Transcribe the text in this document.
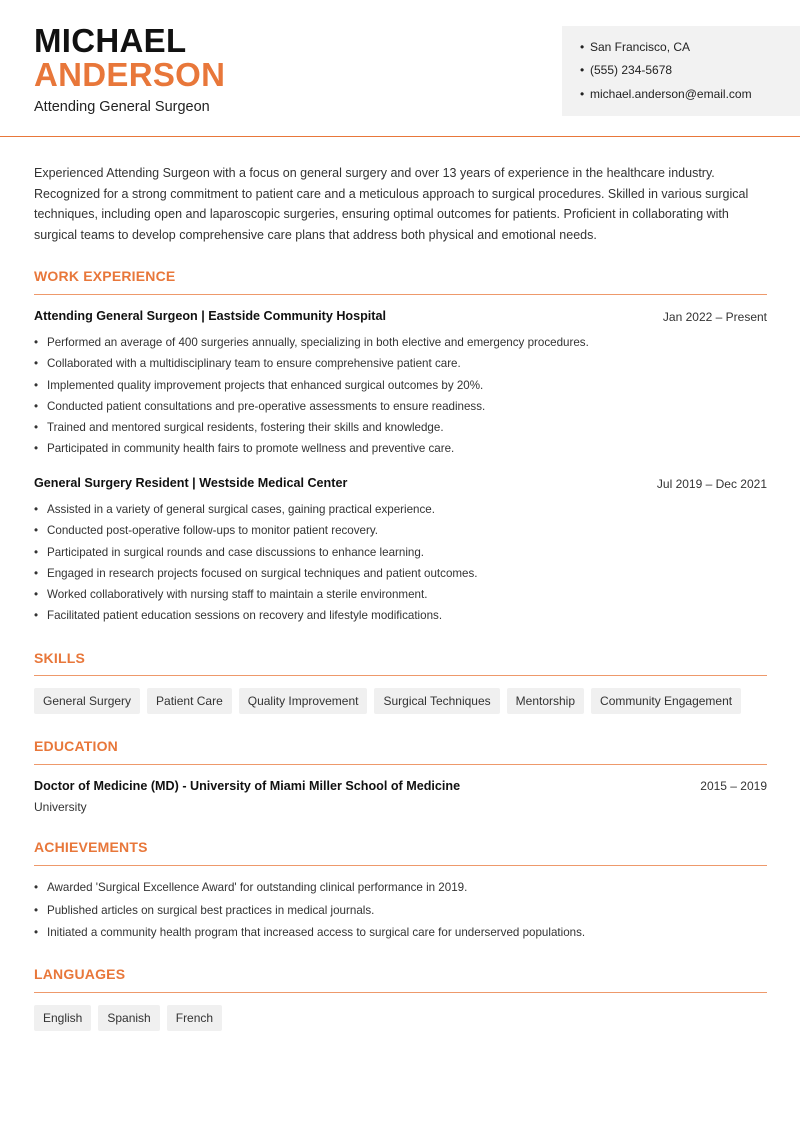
MICHAEL
ANDERSON
Attending General Surgeon
• San Francisco, CA
• (555) 234-5678
• michael.anderson@email.com
Experienced Attending Surgeon with a focus on general surgery and over 13 years of experience in the healthcare industry. Recognized for a strong commitment to patient care and a meticulous approach to surgical procedures. Skilled in various surgical techniques, including open and laparoscopic surgeries, ensuring optimal outcomes for patients. Proficient in collaborating with surgical teams to develop comprehensive care plans that address both physical and emotional needs.
WORK EXPERIENCE
Attending General Surgeon | Eastside Community Hospital	Jan 2022 – Present
• Performed an average of 400 surgeries annually, specializing in both elective and emergency procedures.
• Collaborated with a multidisciplinary team to ensure comprehensive patient care.
• Implemented quality improvement projects that enhanced surgical outcomes by 20%.
• Conducted patient consultations and pre-operative assessments to ensure readiness.
• Trained and mentored surgical residents, fostering their skills and knowledge.
• Participated in community health fairs to promote wellness and preventive care.
General Surgery Resident | Westside Medical Center	Jul 2019 – Dec 2021
• Assisted in a variety of general surgical cases, gaining practical experience.
• Conducted post-operative follow-ups to monitor patient recovery.
• Participated in surgical rounds and case discussions to enhance learning.
• Engaged in research projects focused on surgical techniques and patient outcomes.
• Worked collaboratively with nursing staff to maintain a sterile environment.
• Facilitated patient education sessions on recovery and lifestyle modifications.
SKILLS
General Surgery	Patient Care	Quality Improvement	Surgical Techniques	Mentorship	Community Engagement
EDUCATION
Doctor of Medicine (MD) - University of Miami Miller School of Medicine	2015 – 2019
University
ACHIEVEMENTS
• Awarded 'Surgical Excellence Award' for outstanding clinical performance in 2019.
• Published articles on surgical best practices in medical journals.
• Initiated a community health program that increased access to surgical care for underserved populations.
LANGUAGES
English	Spanish	French
